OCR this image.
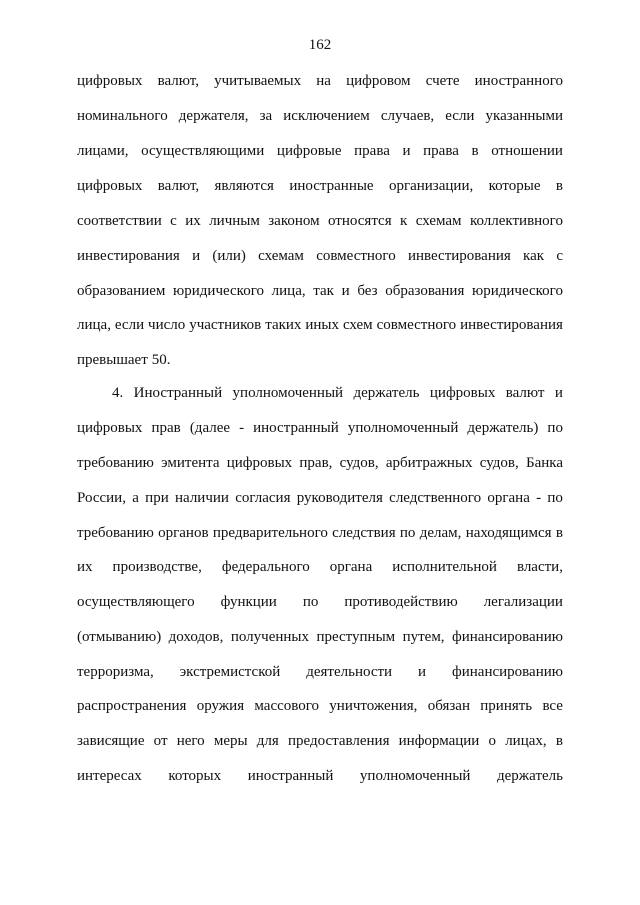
162
цифровых валют, учитываемых на цифровом счете иностранного
номинального держателя, за исключением случаев, если указанными
лицами, осуществляющими цифровые права и права в отношении
цифровых валют, являются иностранные организации, которые в
соответствии с их личным законом относятся к схемам коллективного
инвестирования и (или) схемам совместного инвестирования как с
образованием юридического лица, так и без образования юридического
лица, если число участников таких иных схем совместного инвестирования
превышает 50.
4. Иностранный уполномоченный держатель цифровых валют и
цифровых прав (далее - иностранный уполномоченный держатель) по
требованию эмитента цифровых прав, судов, арбитражных судов, Банка
России, а при наличии согласия руководителя следственного органа - по
требованию органов предварительного следствия по делам, находящимся в
их производстве, федерального органа исполнительной власти,
осуществляющего функции по противодействию легализации
(отмыванию) доходов, полученных преступным путем, финансированию
терроризма, экстремистской деятельности и финансированию
распространения оружия массового уничтожения, обязан принять все
зависящие от него меры для предоставления информации о лицах, в
интересах которых иностранный уполномоченный держатель
